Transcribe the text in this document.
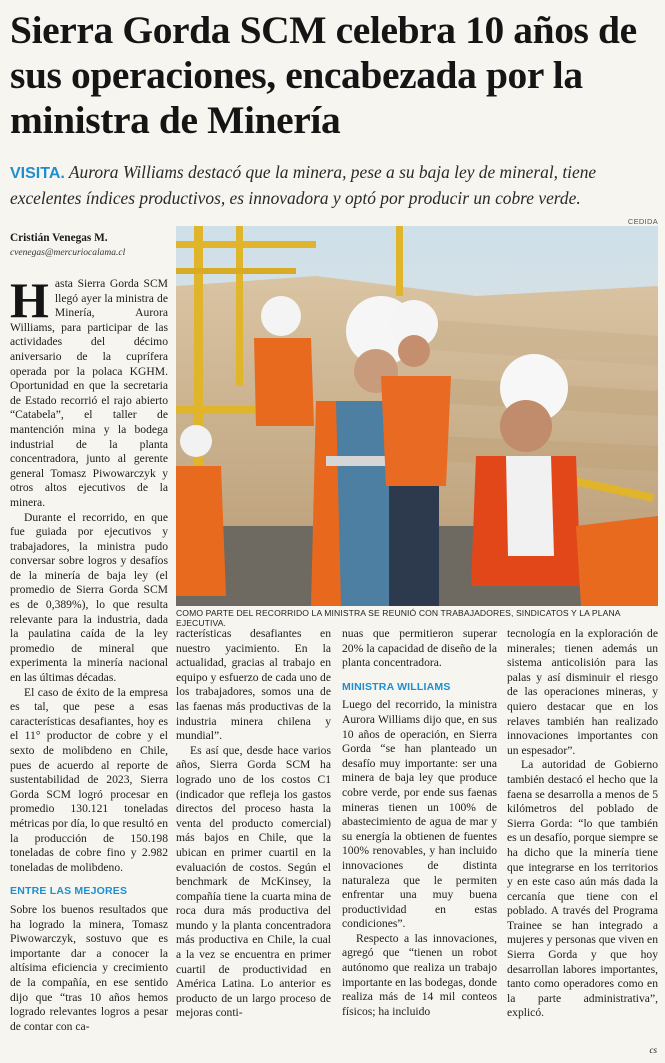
Sierra Gorda SCM celebra 10 años de sus operaciones, encabezada por la ministra de Minería
VISITA. Aurora Williams destacó que la minera, pese a su baja ley de mineral, tiene excelentes índices productivos, es innovadora y optó por producir un cobre verde.
CEDIDA
Cristián Venegas M.
cvenegas@mercuriocalama.cl
COMO PARTE DEL RECORRIDO LA MINISTRA SE REUNIÓ CON TRABAJADORES, SINDICATOS Y LA PLANA EJECUTIVA.

Hasta Sierra Gorda SCM llegó ayer la ministra de Minería, Aurora Williams, para participar de las actividades del décimo aniversario de la cuprífera operada por la polaca KGHM. Oportunidad en que la secretaria de Estado recorrió el rajo abierto “Catabela”, el taller de mantención mina y la bodega industrial de la planta concentradora, junto al gerente general Tomasz Piwowarczyk y otros altos ejecutivos de la minera.

Durante el recorrido, en que fue guiada por ejecutivos y trabajadores, la ministra pudo conversar sobre logros y desafíos de la minería de baja ley (el promedio de Sierra Gorda SCM es de 0,389%), lo que resulta relevante para la industria, dada la paulatina caída de la ley promedio de mineral que experimenta la minería nacional en las últimas décadas.

El caso de éxito de la empresa es tal, que pese a esas características desafiantes, hoy es el 11° productor de cobre y el sexto de molibdeno en Chile, pues de acuerdo al reporte de sustentabilidad de 2023, Sierra Gorda SCM logró procesar en promedio 130.121 toneladas métricas por día, lo que resultó en la producción de 150.198 toneladas de cobre fino y 2.982 toneladas de molibdeno.

ENTRE LAS MEJORES

Sobre los buenos resultados que ha logrado la minera, Tomasz Piwowarczyk, sostuvo que es importante dar a conocer la altísima eficiencia y crecimiento de la compañía, en ese sentido dijo que “tras 10 años hemos logrado relevantes logros a pesar de contar con ca-

racterísticas desafiantes en nuestro yacimiento. En la actualidad, gracias al trabajo en equipo y esfuerzo de cada uno de los trabajadores, somos una de las faenas más productivas de la industria minera chilena y mundial”.

Es así que, desde hace varios años, Sierra Gorda SCM ha logrado uno de los costos C1 (indicador que refleja los gastos directos del proceso hasta la venta del producto comercial) más bajos en Chile, que la ubican en primer cuartil en la evaluación de costos. Según el benchmark de McKinsey, la compañía tiene la cuarta mina de roca dura más productiva del mundo y la planta concentradora más productiva en Chile, la cual a la vez se encuentra en primer cuartil de productividad en América Latina. Lo anterior es producto de un largo proceso de mejoras conti-

nuas que permitieron superar 20% la capacidad de diseño de la planta concentradora.

MINISTRA WILLIAMS

Luego del recorrido, la ministra Aurora Williams dijo que, en sus 10 años de operación, en Sierra Gorda “se han planteado un desafío muy importante: ser una minera de baja ley que produce cobre verde, por ende sus faenas mineras tienen un 100% de abastecimiento de agua de mar y su energía la obtienen de fuentes 100% renovables, y han incluido innovaciones de distinta naturaleza que le permiten enfrentar una muy buena productividad en estas condiciones”.

Respecto a las innovaciones, agregó que “tienen un robot autónomo que realiza un trabajo importante en las bodegas, donde realiza más de 14 mil conteos físicos; ha incluido

tecnología en la exploración de minerales; tienen además un sistema anticolisión para las palas y así disminuir el riesgo de las operaciones mineras, y quiero destacar que en los relaves también han realizado innovaciones importantes con un espesador”.

La autoridad de Gobierno también destacó el hecho que la faena se desarrolla a menos de 5 kilómetros del poblado de Sierra Gorda: “lo que también es un desafío, porque siempre se ha dicho que la minería tiene que integrarse en los territorios y en este caso aún más dada la cercanía que tiene con el poblado. A través del Programa Trainee se han integrado a mujeres y personas que viven en Sierra Gorda y que hoy desarrollan labores importantes, tanto como operadores como en la parte administrativa”, explicó.

cs
